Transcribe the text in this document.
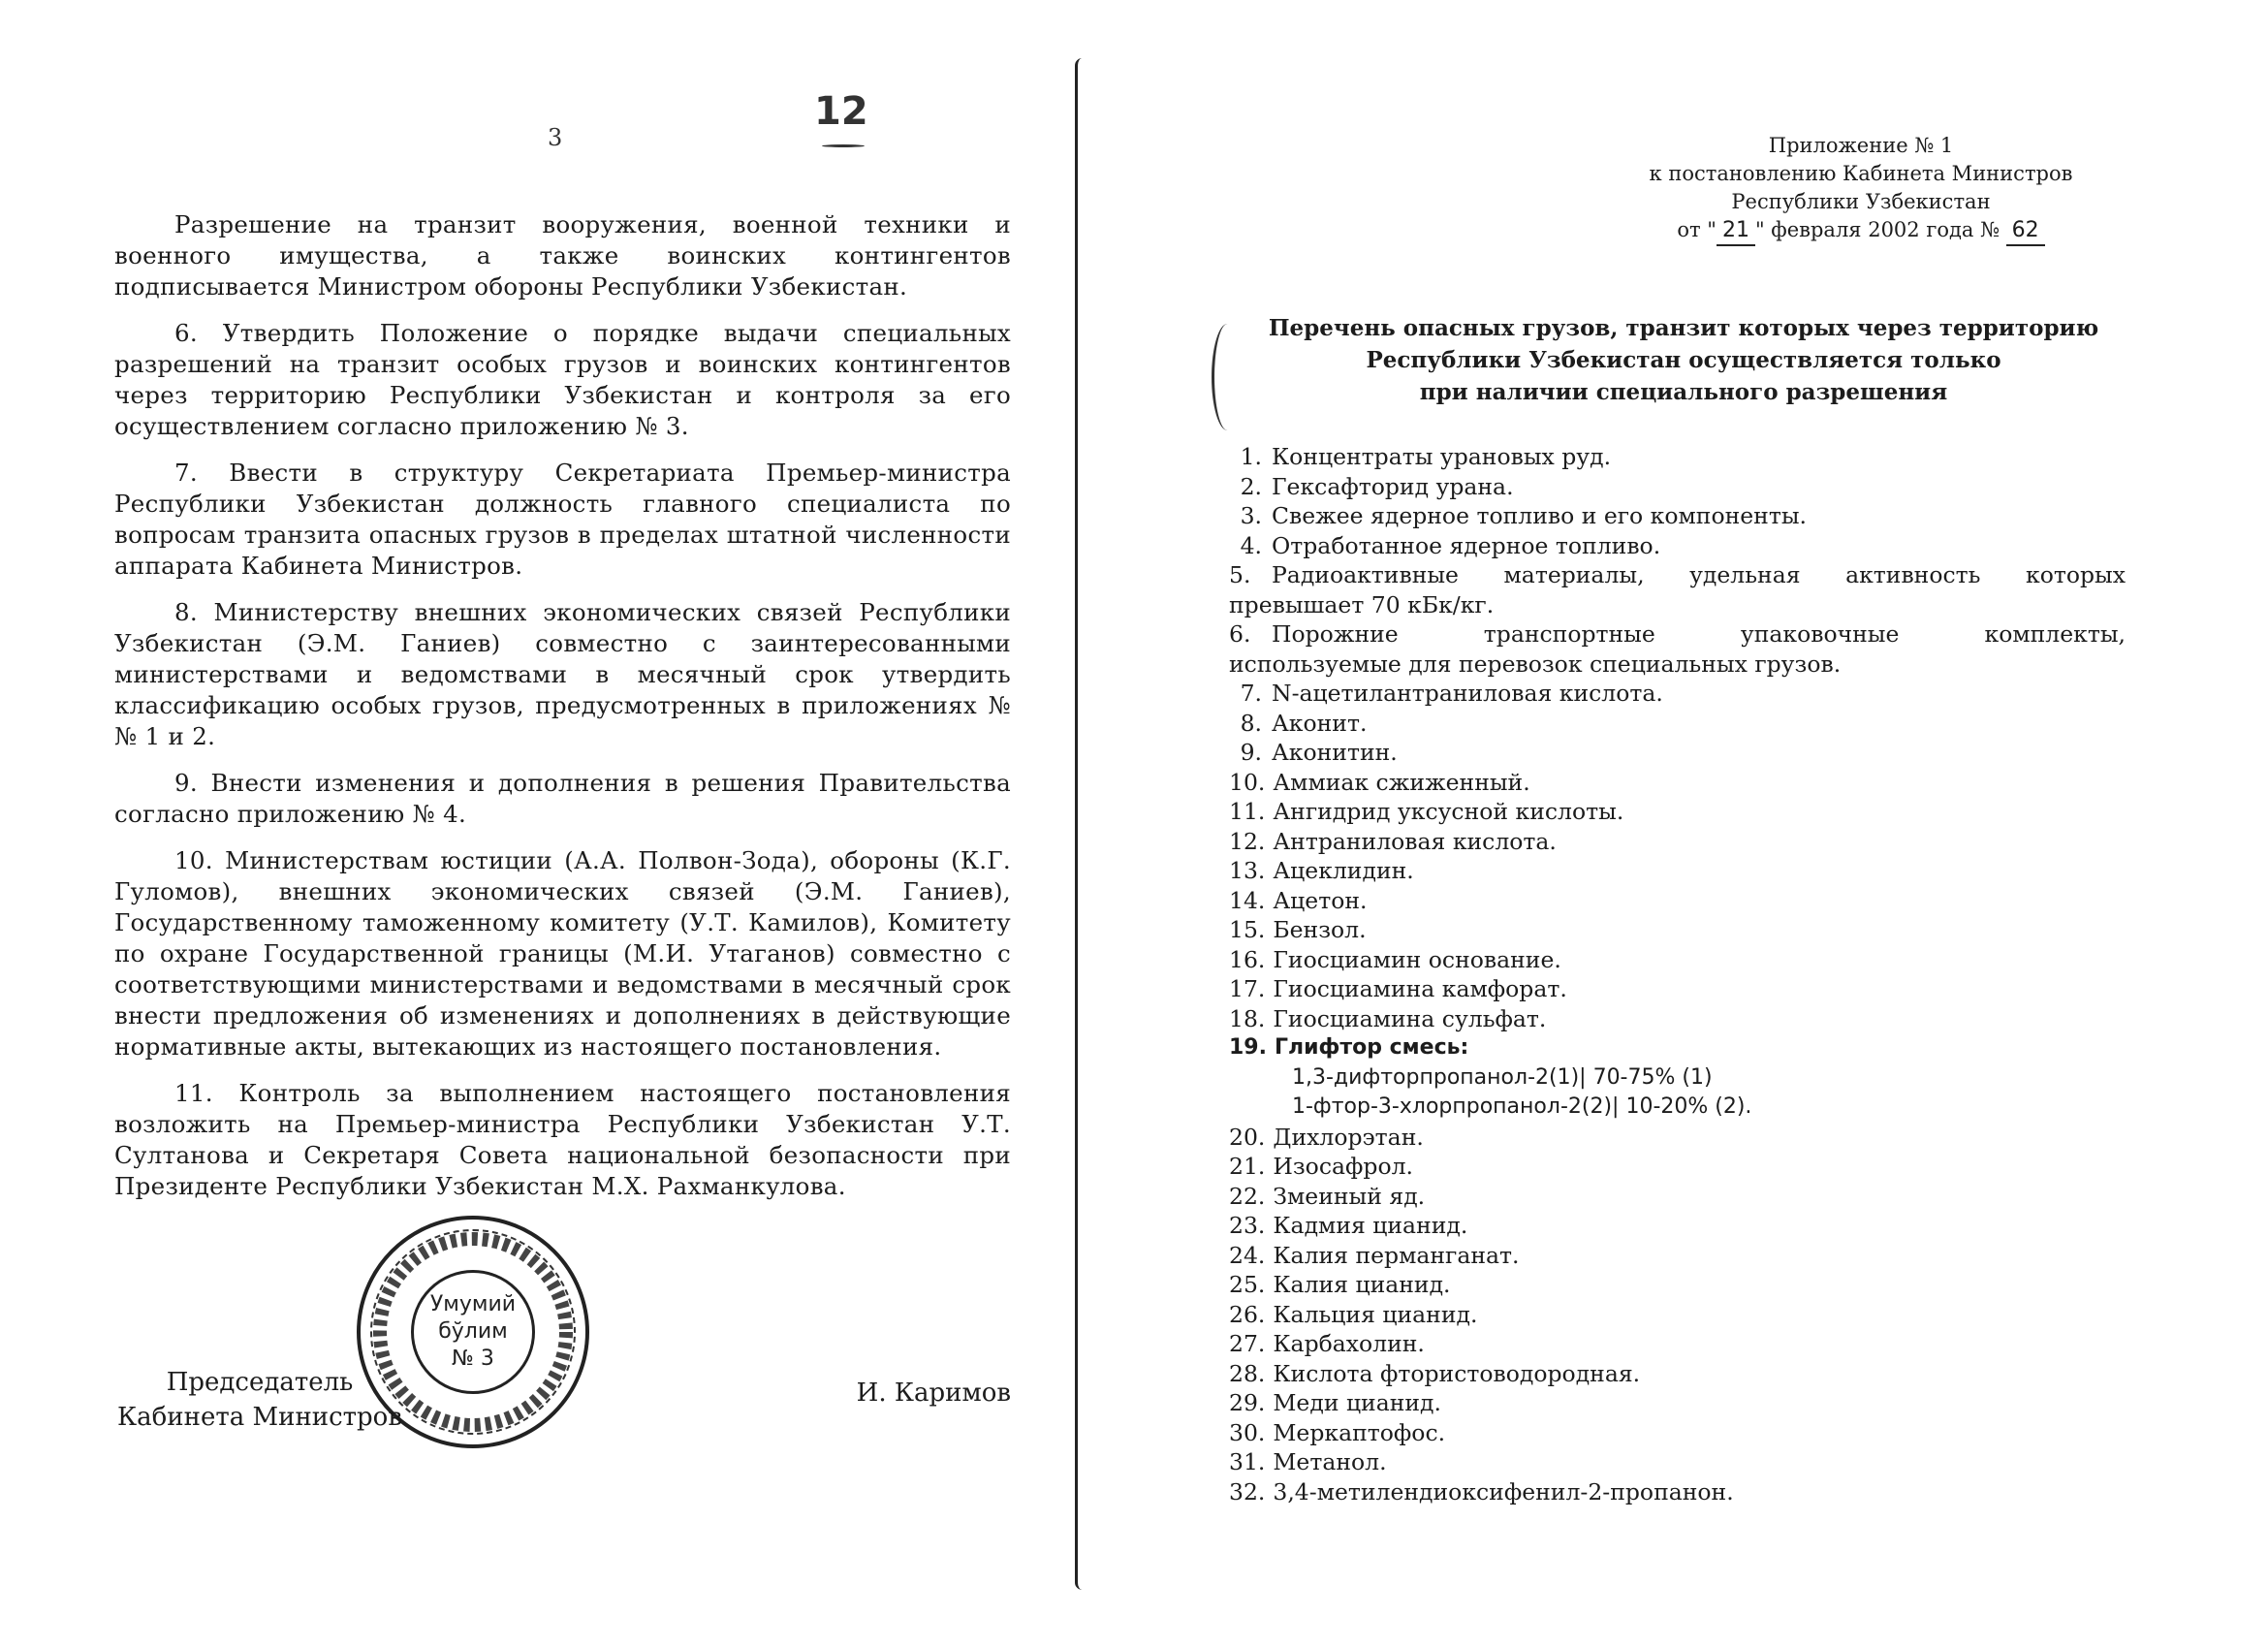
12
3

Разрешение на транзит вооружения, военной техники и военного имущества, а также воинских контингентов подписывается Министром обороны Республики Узбекистан.

6. Утвердить Положение о порядке выдачи специальных разрешений на транзит особых грузов и воинских контингентов через территорию Республики Узбекистан и контроля за его осуществлением согласно приложению № 3.

7. Ввести в структуру Секретариата Премьер-министра Республики Узбекистан должность главного специалиста по вопросам транзита опасных грузов в пределах штатной численности аппарата Кабинета Министров.

8. Министерству внешних экономических связей Республики Узбекистан (Э.М. Ганиев) совместно с заинтересованными министерствами и ведомствами в месячный срок утвердить классификацию особых грузов, предусмотренных в приложениях №№ 1 и 2.

9. Внести изменения и дополнения в решения Правительства согласно приложению № 4.

10. Министерствам юстиции (А.А. Полвон-Зода), обороны (К.Г. Гуломов), внешних экономических связей (Э.М. Ганиев), Государственному таможенному комитету (У.Т. Камилов), Комитету по охране Государственной границы (М.И. Утаганов) совместно с соответствующими министерствами и ведомствами в месячный срок внести предложения об изменениях и дополнениях в действующие нормативные акты, вытекающих из настоящего постановления.

11. Контроль за выполнением настоящего постановления возложить на Премьер-министра Республики Узбекистан У.Т. Султанова и Секретаря Совета национальной безопасности при Президенте Республики Узбекистан М.Х. Рахманкулова.

Умумий
бўлим
№ 3
Председатель
Кабинета Министров
И. Каримов
Приложение № 1
к постановлению Кабинета Министров
Республики Узбекистан
от " 21 " февраля 2002 года № 62
Перечень опасных грузов, транзит которых через территорию
Республики Узбекистан осуществляется только
при наличии специального разрешения
1. Концентраты урановых руд.
2. Гексафторид урана.
3. Свежее ядерное топливо и его компоненты.
4. Отработанное ядерное топливо.
5. Радиоактивные материалы, удельная активность которых
превышает 70 кБк/кг.
6. Порожние транспортные упаковочные комплекты,
используемые для перевозок специальных грузов.
7. N-ацетилантраниловая кислота.
8. Аконит.
9. Аконитин.
10. Аммиак сжиженный.
11. Ангидрид уксусной кислоты.
12. Антраниловая кислота.
13. Ацеклидин.
14. Ацетон.
15. Бензол.
16. Гиосциамин основание.
17. Гиосциамина камфорат.
18. Гиосциамина сульфат.
19. Глифтор смесь:
1,3-дифторпропанол-2(1)| 70-75% (1)
1-фтор-3-хлорпропанол-2(2)| 10-20% (2).
20. Дихлорэтан.
21. Изосафрол.
22. Змеиный яд.
23. Кадмия цианид.
24. Калия перманганат.
25. Калия цианид.
26. Кальция цианид.
27. Карбахолин.
28. Кислота фтористоводородная.
29. Меди цианид.
30. Меркаптофос.
31. Метанол.
32. 3,4-метилендиоксифенил-2-пропанон.
